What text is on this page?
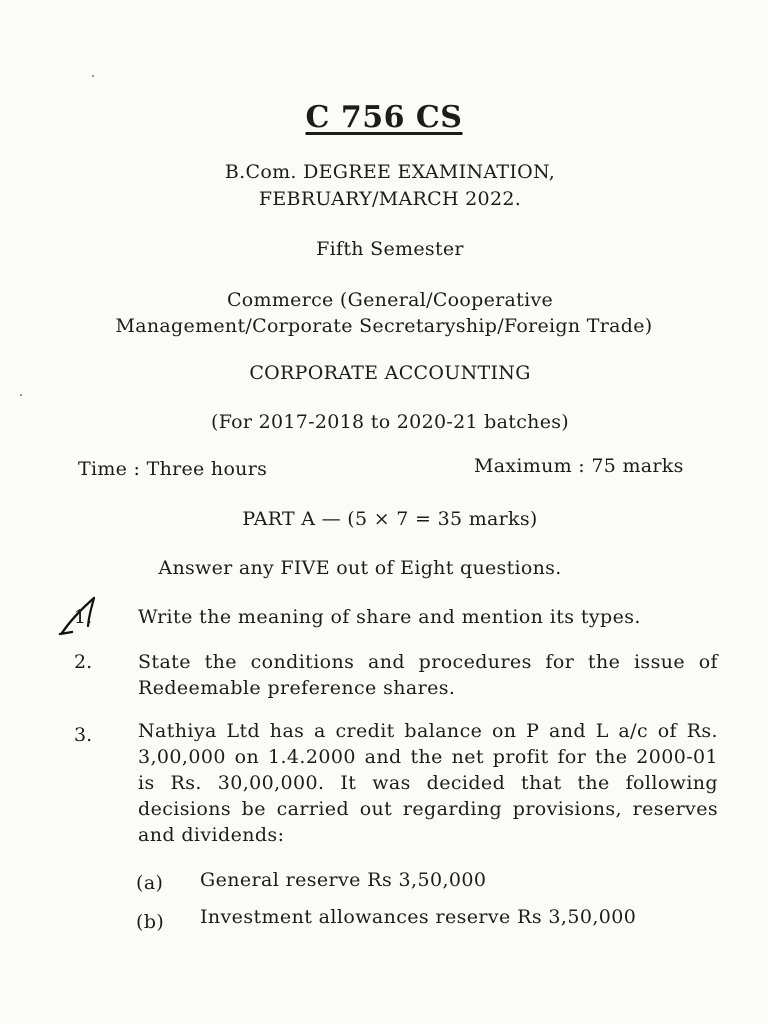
C 756 CS
B.Com. DEGREE EXAMINATION,
FEBRUARY/MARCH 2022.
Fifth Semester
Commerce (General/Cooperative
Management/Corporate Secretaryship/Foreign Trade)
CORPORATE ACCOUNTING
(For 2017-2018 to 2020-21 batches)
Time : Three hours	Maximum : 75 marks
PART A — (5 × 7 = 35 marks)
Answer any FIVE out of Eight questions.
1. Write the meaning of share and mention its types.
2. State the conditions and procedures for the issue of Redeemable preference shares.
3. Nathiya Ltd has a credit balance on P and L a/c of Rs. 3,00,000 on 1.4.2000 and the net profit for the 2000-01 is Rs. 30,00,000. It was decided that the following decisions be carried out regarding provisions, reserves and dividends:
(a) General reserve Rs 3,50,000
(b) Investment allowances reserve Rs 3,50,000
